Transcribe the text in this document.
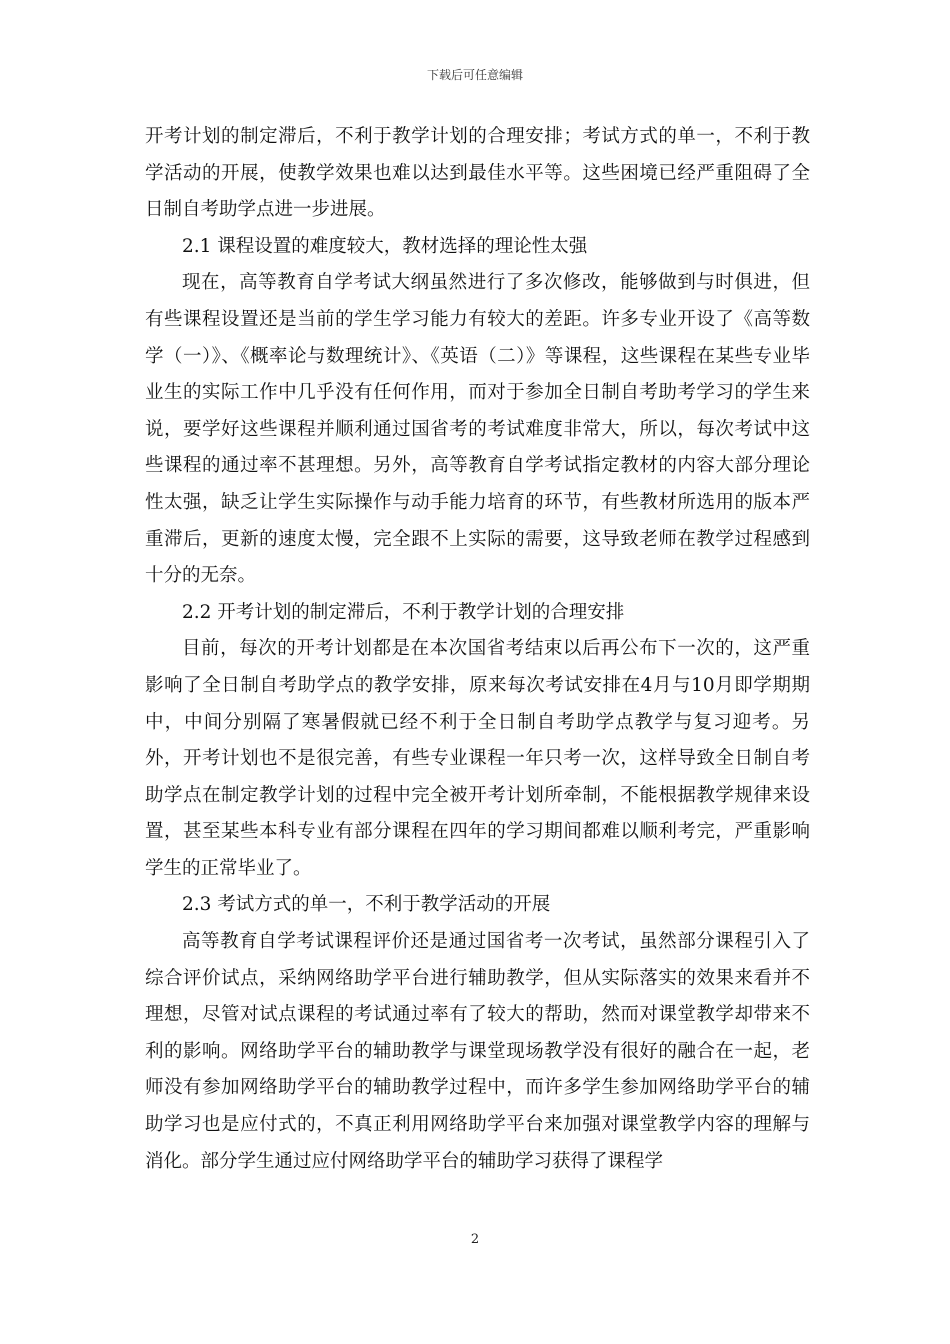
下载后可任意编辑

开考计划的制定滞后，不利于教学计划的合理安排；考试方式的单一，不利于教学活动的开展，使教学效果也难以达到最佳水平等。这些困境已经严重阻碍了全日制自考助学点进一步进展。

2.1 课程设置的难度较大，教材选择的理论性太强

现在，高等教育自学考试大纲虽然进行了多次修改，能够做到与时俱进，但有些课程设置还是当前的学生学习能力有较大的差距。许多专业开设了《高等数学（一）》、《概率论与数理统计》、《英语（二）》等课程，这些课程在某些专业毕业生的实际工作中几乎没有任何作用，而对于参加全日制自考助考学习的学生来说，要学好这些课程并顺利通过国省考的考试难度非常大，所以，每次考试中这些课程的通过率不甚理想。另外，高等教育自学考试指定教材的内容大部分理论性太强，缺乏让学生实际操作与动手能力培育的环节，有些教材所选用的版本严重滞后，更新的速度太慢，完全跟不上实际的需要，这导致老师在教学过程感到十分的无奈。

2.2 开考计划的制定滞后，不利于教学计划的合理安排

目前，每次的开考计划都是在本次国省考结束以后再公布下一次的，这严重影响了全日制自考助学点的教学安排，原来每次考试安排在4月与10月即学期期中，中间分别隔了寒暑假就已经不利于全日制自考助学点教学与复习迎考。另外，开考计划也不是很完善，有些专业课程一年只考一次，这样导致全日制自考助学点在制定教学计划的过程中完全被开考计划所牵制，不能根据教学规律来设置，甚至某些本科专业有部分课程在四年的学习期间都难以顺利考完，严重影响学生的正常毕业了。

2.3 考试方式的单一，不利于教学活动的开展

高等教育自学考试课程评价还是通过国省考一次考试，虽然部分课程引入了综合评价试点，采纳网络助学平台进行辅助教学，但从实际落实的效果来看并不理想，尽管对试点课程的考试通过率有了较大的帮助，然而对课堂教学却带来不利的影响。网络助学平台的辅助教学与课堂现场教学没有很好的融合在一起，老师没有参加网络助学平台的辅助教学过程中，而许多学生参加网络助学平台的辅助学习也是应付式的，不真正利用网络助学平台来加强对课堂教学内容的理解与消化。部分学生通过应付网络助学平台的辅助学习获得了课程学

2
